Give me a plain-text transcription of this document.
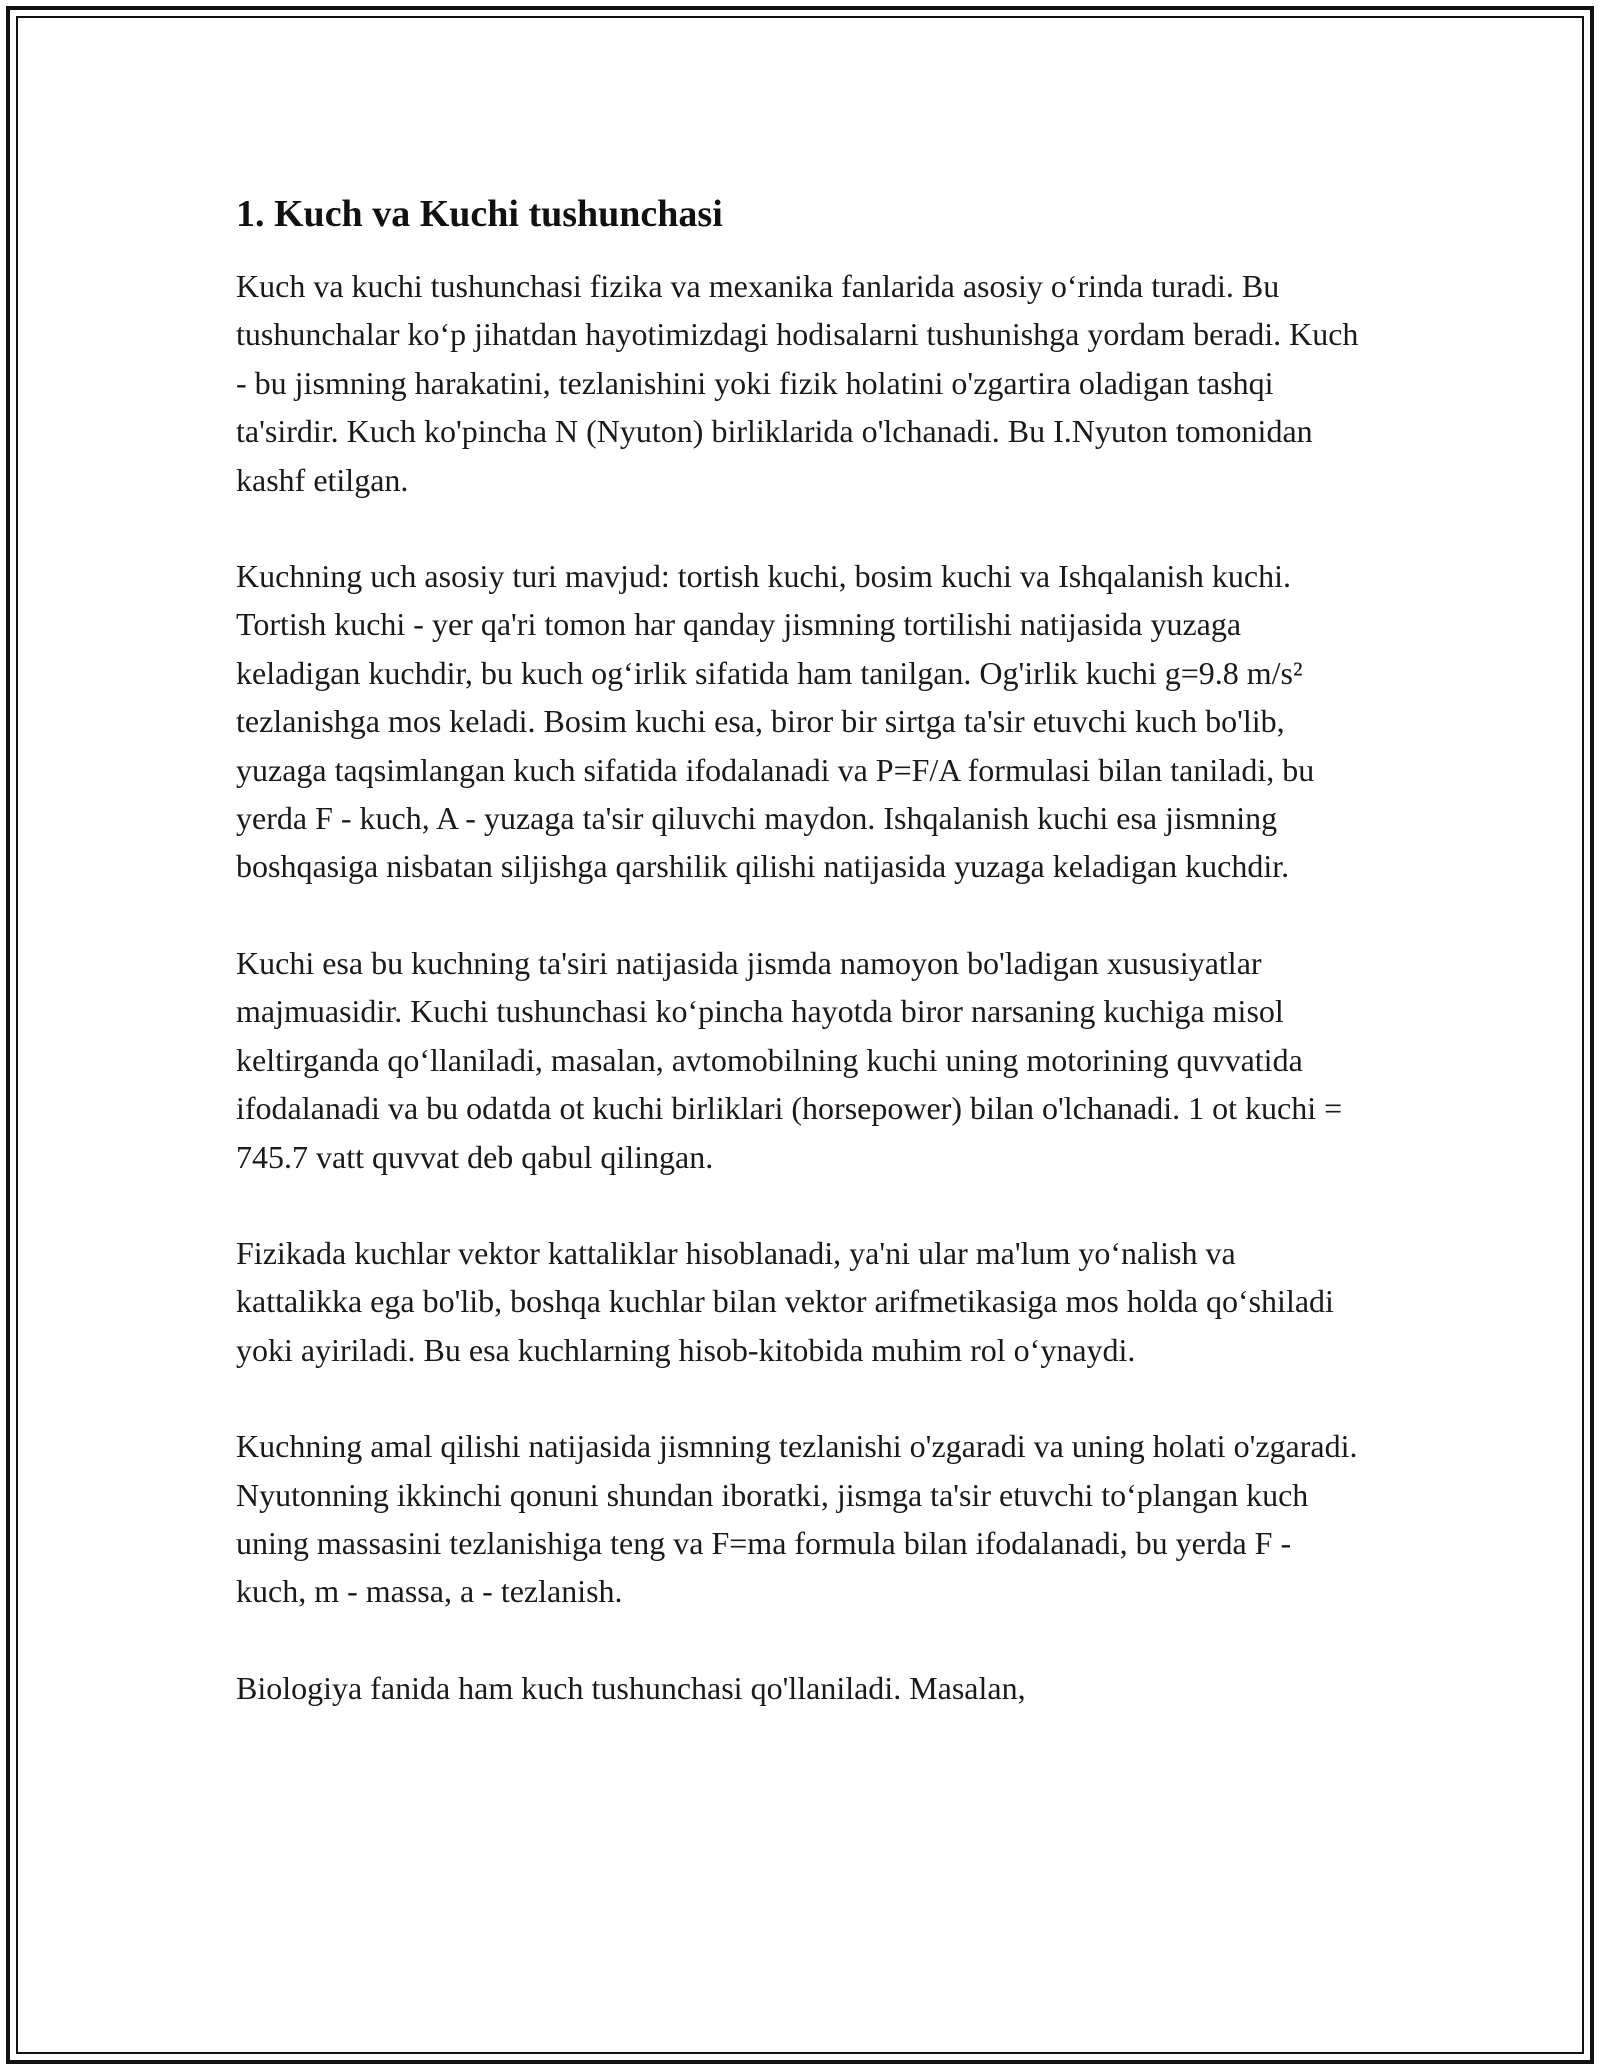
1. Kuch va Kuchi tushunchasi

Kuch va kuchi tushunchasi fizika va mexanika fanlarida asosiy o‘rinda turadi. Bu tushunchalar ko‘p jihatdan hayotimizdagi hodisalarni tushunishga yordam beradi. Kuch - bu jismning harakatini, tezlanishini yoki fizik holatini o'zgartira oladigan tashqi ta'sirdir. Kuch ko'pincha N (Nyuton) birliklarida o'lchanadi. Bu I.Nyuton tomonidan kashf etilgan.

Kuchning uch asosiy turi mavjud: tortish kuchi, bosim kuchi va Ishqalanish kuchi. Tortish kuchi - yer qa'ri tomon har qanday jismning tortilishi natijasida yuzaga keladigan kuchdir, bu kuch og‘irlik sifatida ham tanilgan. Og'irlik kuchi g=9.8 m/s² tezlanishga mos keladi. Bosim kuchi esa, biror bir sirtga ta'sir etuvchi kuch bo'lib, yuzaga taqsimlangan kuch sifatida ifodalanadi va P=F/A formulasi bilan taniladi, bu yerda F - kuch, A - yuzaga ta'sir qiluvchi maydon. Ishqalanish kuchi esa jismning boshqasiga nisbatan siljishga qarshilik qilishi natijasida yuzaga keladigan kuchdir.

Kuchi esa bu kuchning ta'siri natijasida jismda namoyon bo'ladigan xususiyatlar majmuasidir. Kuchi tushunchasi ko‘pincha hayotda biror narsaning kuchiga misol keltirganda qo‘llaniladi, masalan, avtomobilning kuchi uning motorining quvvatida ifodalanadi va bu odatda ot kuchi birliklari (horsepower) bilan o'lchanadi. 1 ot kuchi = 745.7 vatt quvvat deb qabul qilingan.

Fizikada kuchlar vektor kattaliklar hisoblanadi, ya'ni ular ma'lum yo‘nalish va kattalikka ega bo'lib, boshqa kuchlar bilan vektor arifmetikasiga mos holda qo‘shiladi yoki ayiriladi. Bu esa kuchlarning hisob-kitobida muhim rol o‘ynaydi.

Kuchning amal qilishi natijasida jismning tezlanishi o'zgaradi va uning holati o'zgaradi. Nyutonning ikkinchi qonuni shundan iboratki, jismga ta'sir etuvchi to‘plangan kuch uning massasini tezlanishiga teng va F=ma formula bilan ifodalanadi, bu yerda F - kuch, m - massa, a - tezlanish.

Biologiya fanida ham kuch tushunchasi qo'llaniladi. Masalan,
